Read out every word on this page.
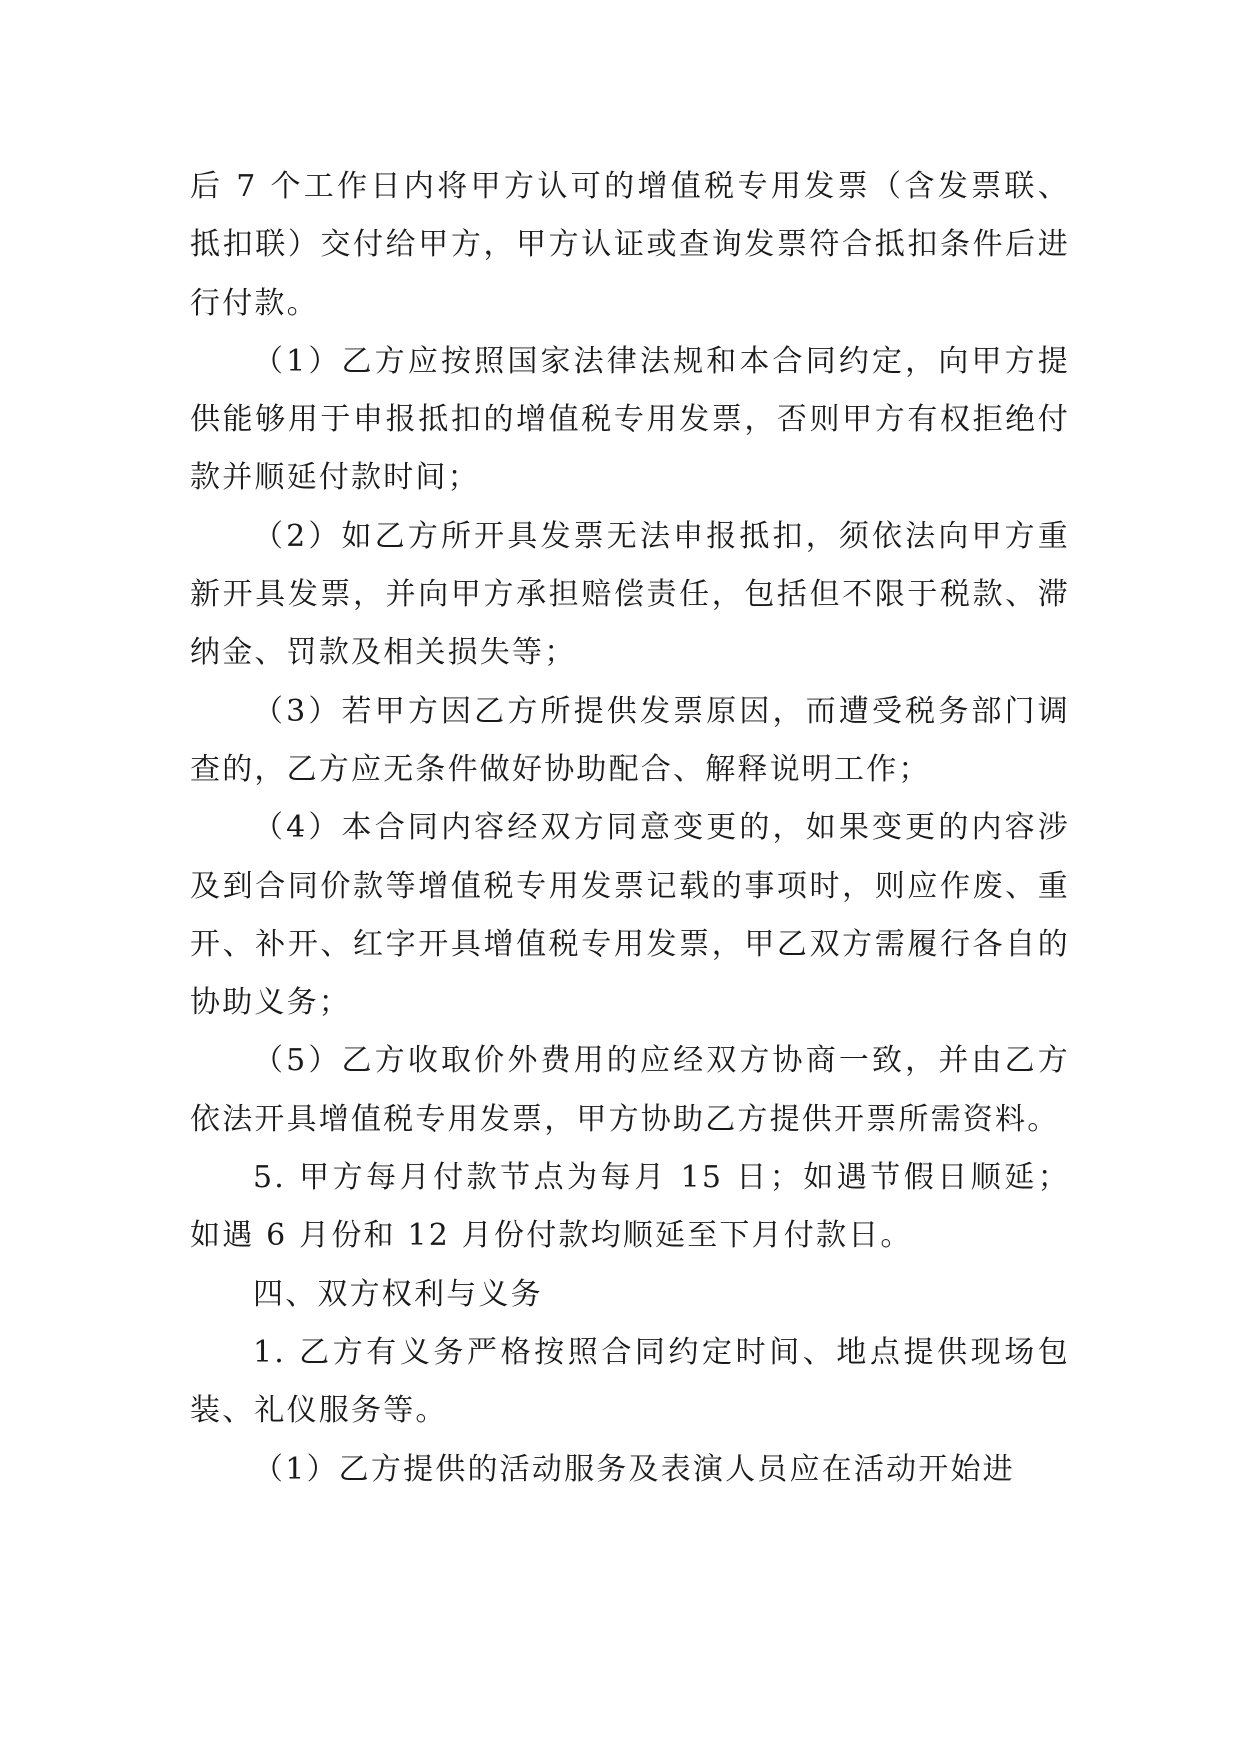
后 7 个工作日内将甲方认可的增值税专用发票（含发票联、抵扣联）交付给甲方，甲方认证或查询发票符合抵扣条件后进行付款。

（1）乙方应按照国家法律法规和本合同约定，向甲方提供能够用于申报抵扣的增值税专用发票，否则甲方有权拒绝付款并顺延付款时间；

（2）如乙方所开具发票无法申报抵扣，须依法向甲方重新开具发票，并向甲方承担赔偿责任，包括但不限于税款、滞纳金、罚款及相关损失等；

（3）若甲方因乙方所提供发票原因，而遭受税务部门调查的，乙方应无条件做好协助配合、解释说明工作；

（4）本合同内容经双方同意变更的，如果变更的内容涉及到合同价款等增值税专用发票记载的事项时，则应作废、重开、补开、红字开具增值税专用发票，甲乙双方需履行各自的协助义务；

（5）乙方收取价外费用的应经双方协商一致，并由乙方依法开具增值税专用发票，甲方协助乙方提供开票所需资料。

5. 甲方每月付款节点为每月 15 日；如遇节假日顺延；如遇 6 月份和 12 月份付款均顺延至下月付款日。

四、双方权利与义务

1. 乙方有义务严格按照合同约定时间、地点提供现场包装、礼仪服务等。

（1）乙方提供的活动服务及表演人员应在活动开始进
